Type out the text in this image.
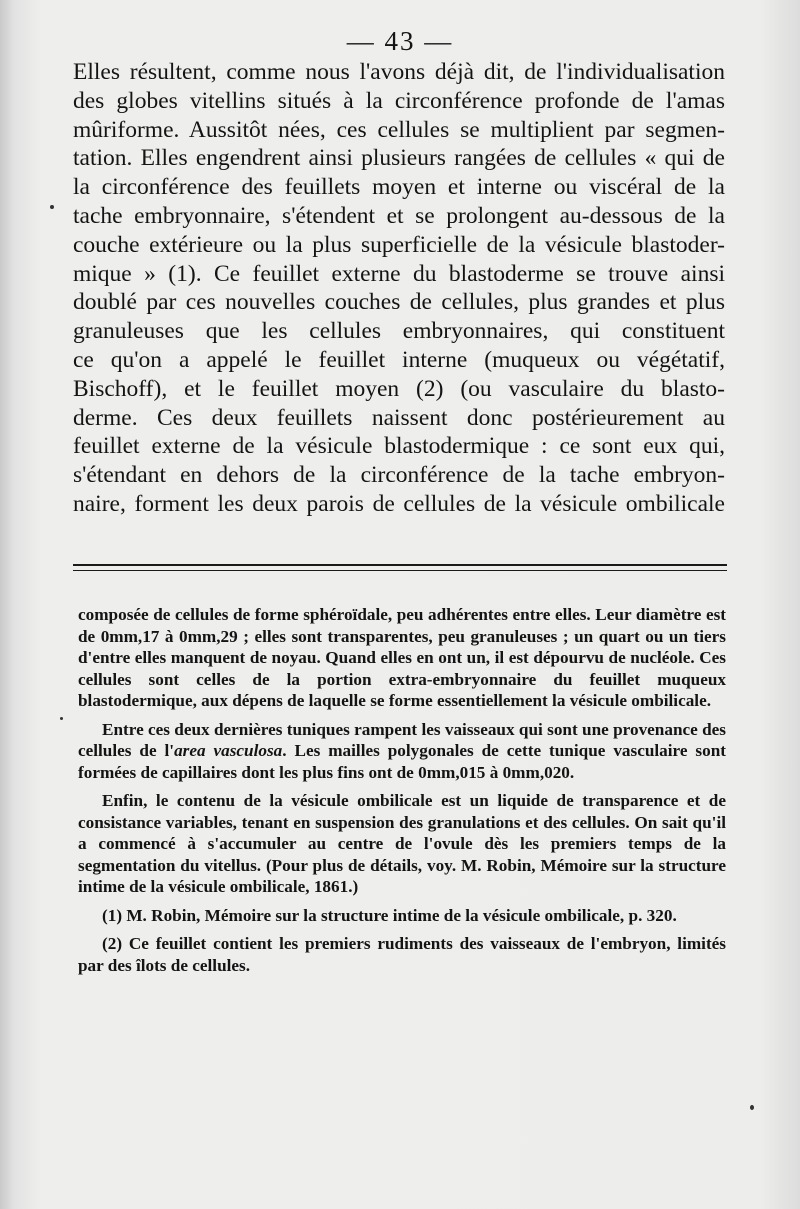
— 43 —
Elles résultent, comme nous l'avons déjà dit, de l'individualisation
des globes vitellins situés à la circonférence profonde de l'amas
mûriforme. Aussitôt nées, ces cellules se multiplient par segmen-
tation. Elles engendrent ainsi plusieurs rangées de cellules « qui de
la circonférence des feuillets moyen et interne ou viscéral de la
tache embryonnaire, s'étendent et se prolongent au-dessous de la
couche extérieure ou la plus superficielle de la vésicule blastoder-
mique » (1). Ce feuillet externe du blastoderme se trouve ainsi
doublé par ces nouvelles couches de cellules, plus grandes et plus
granuleuses que les cellules embryonnaires, qui constituent
ce qu'on a appelé le feuillet interne (muqueux ou végétatif,
Bischoff), et le feuillet moyen (2) (ou vasculaire du blasto-
derme. Ces deux feuillets naissent donc postérieurement au
feuillet externe de la vésicule blastodermique : ce sont eux qui,
s'étendant en dehors de la circonférence de la tache embryon-
naire, forment les deux parois de cellules de la vésicule ombilicale

composée de cellules de forme sphéroïdale, peu adhérentes entre elles. Leur diamètre est de 0mm,17 à 0mm,29 ; elles sont transparentes, peu granuleuses ; un quart ou un tiers d'entre elles manquent de noyau. Quand elles en ont un, il est dépourvu de nucléole. Ces cellules sont celles de la portion extra-embryonnaire du feuillet muqueux blastodermique, aux dépens de laquelle se forme essentiellement la vésicule ombilicale.

Entre ces deux dernières tuniques rampent les vaisseaux qui sont une provenance des cellules de l'area vasculosa. Les mailles polygonales de cette tunique vasculaire sont formées de capillaires dont les plus fins ont de 0mm,015 à 0mm,020.

Enfin, le contenu de la vésicule ombilicale est un liquide de transparence et de consistance variables, tenant en suspension des granulations et des cellules. On sait qu'il a commencé à s'accumuler au centre de l'ovule dès les premiers temps de la segmentation du vitellus. (Pour plus de détails, voy. M. Robin, Mémoire sur la structure intime de la vésicule ombilicale, 1861.)

(1) M. Robin, Mémoire sur la structure intime de la vésicule ombilicale, p. 320.

(2) Ce feuillet contient les premiers rudiments des vaisseaux de l'embryon, limités par des îlots de cellules.
